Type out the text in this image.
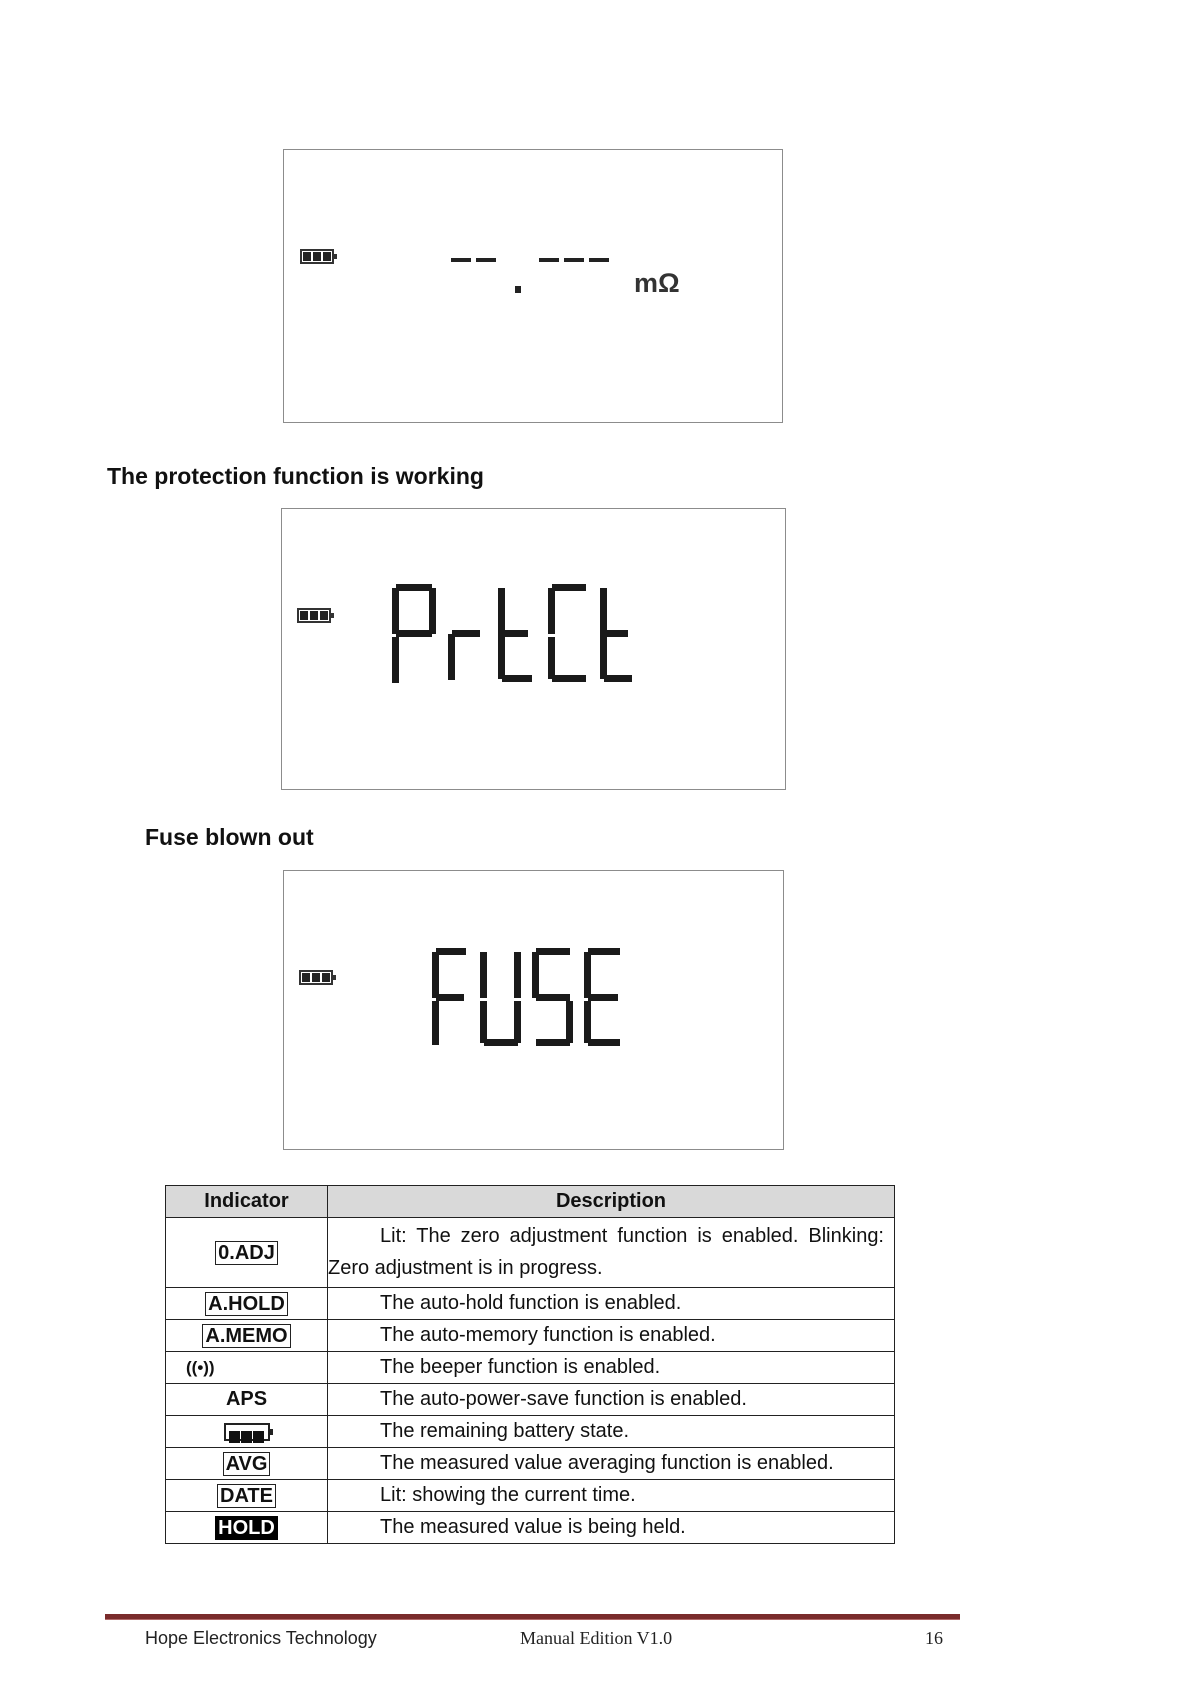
mΩ
The protection function is working
Fuse blown out
Indicator	Description
0.ADJ	Lit: The zero adjustment function is enabled. Blinking:
Zero adjustment is in progress.

A.HOLD	The auto-hold function is enabled.
A.MEMO	The auto-memory function is enabled.
((•))	The beeper function is enabled.
APS	The auto-power-save function is enabled.
	The remaining battery state.
AVG	The measured value averaging function is enabled.
DATE	Lit: showing the current time.
HOLD	The measured value is being held.
Hope Electronics Technology	Manual Edition V1.0	16
